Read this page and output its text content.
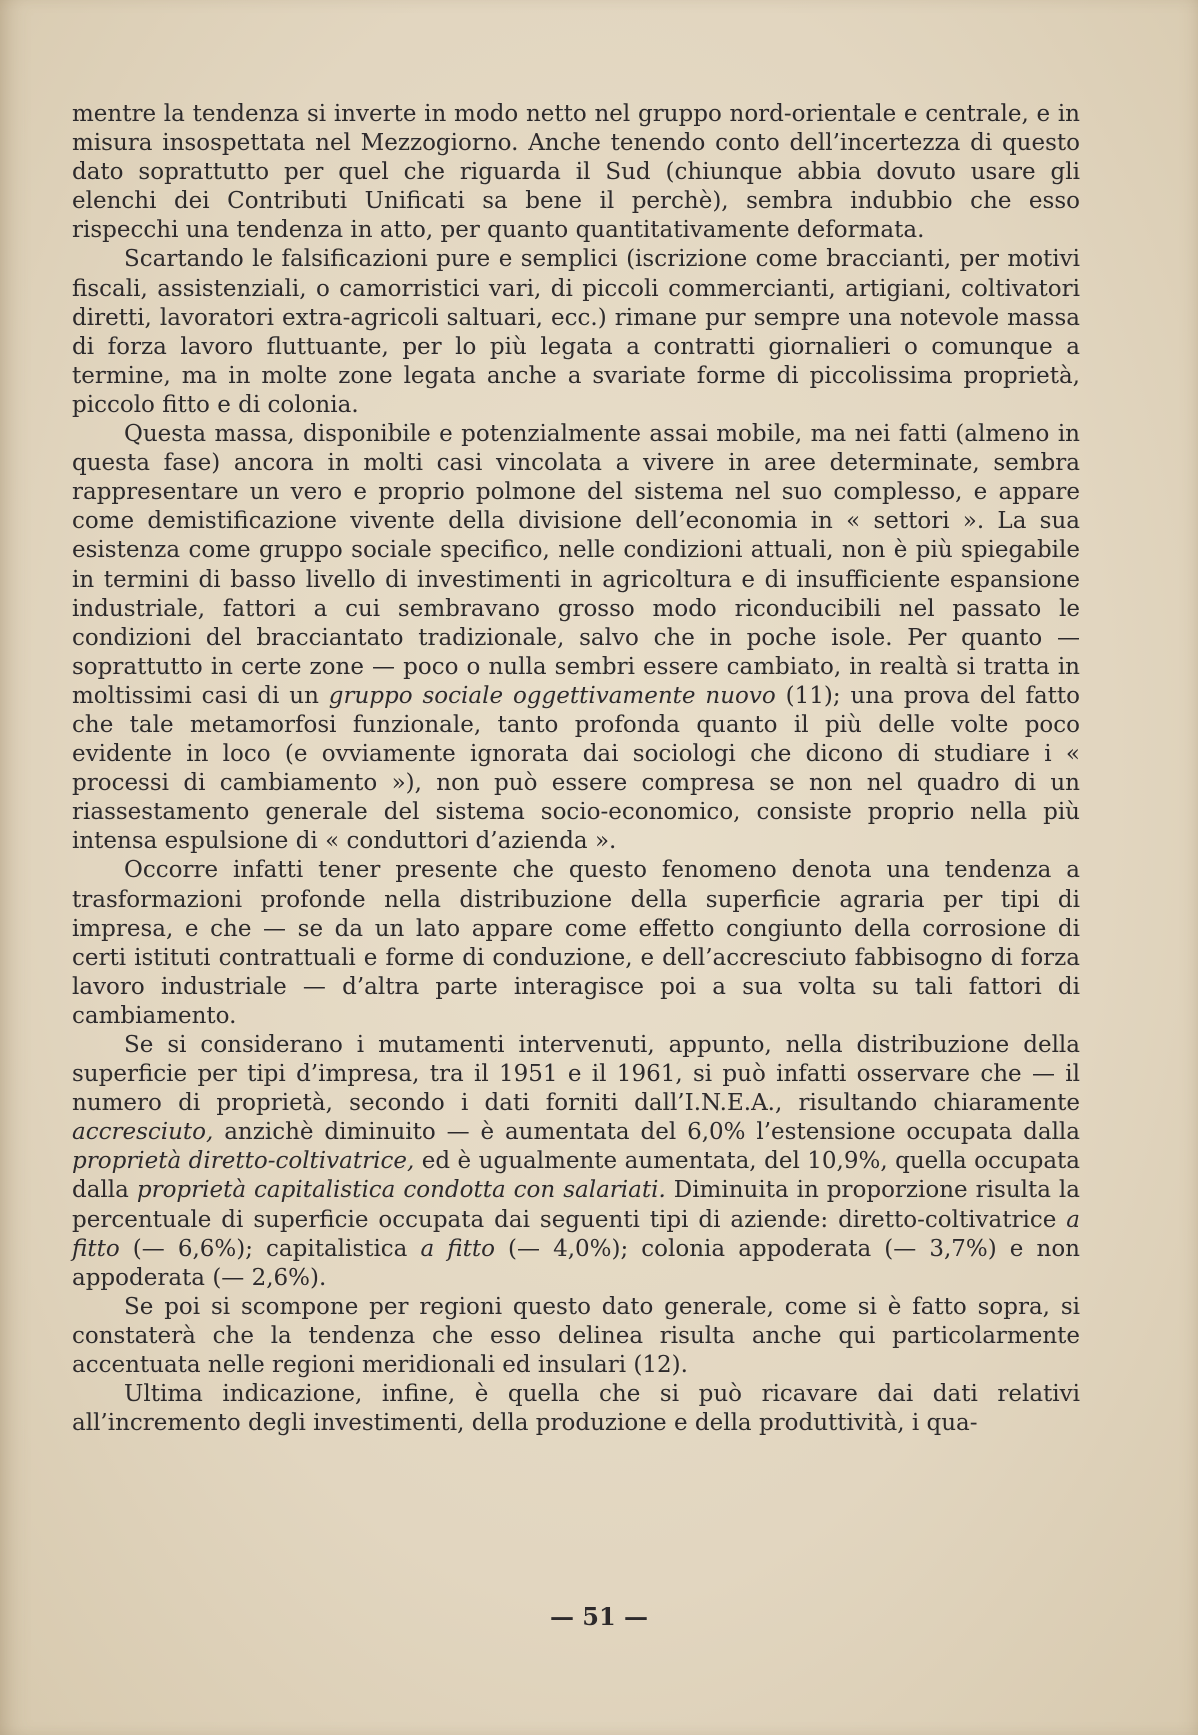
mentre la tendenza si inverte in modo netto nel gruppo nord-orientale e centrale, e in misura insospettata nel Mezzogiorno. Anche tenendo conto dell’incertezza di questo dato soprattutto per quel che riguarda il Sud (chiunque abbia dovuto usare gli elenchi dei Contributi Unificati sa bene il perchè), sembra indubbio che esso rispecchi una tendenza in atto, per quanto quantitativamente deformata.

Scartando le falsificazioni pure e semplici (iscrizione come braccianti, per motivi fiscali, assistenziali, o camorristici vari, di piccoli commercianti, artigiani, coltivatori diretti, lavoratori extra-agricoli saltuari, ecc.) rimane pur sempre una notevole massa di forza lavoro fluttuante, per lo più legata a contratti giornalieri o comunque a termine, ma in molte zone legata anche a svariate forme di piccolissima proprietà, piccolo fitto e di colonia.

Questa massa, disponibile e potenzialmente assai mobile, ma nei fatti (almeno in questa fase) ancora in molti casi vincolata a vivere in aree determinate, sembra rappresentare un vero e proprio polmone del sistema nel suo complesso, e appare come demistificazione vivente della divisione dell’economia in « settori ». La sua esistenza come gruppo sociale specifico, nelle condizioni attuali, non è più spiegabile in termini di basso livello di investimenti in agricoltura e di insufficiente espansione industriale, fattori a cui sembravano grosso modo riconducibili nel passato le condizioni del bracciantato tradizionale, salvo che in poche isole. Per quanto — soprattutto in certe zone — poco o nulla sembri essere cambiato, in realtà si tratta in moltissimi casi di un gruppo sociale oggettivamente nuovo (11); una prova del fatto che tale metamorfosi funzionale, tanto profonda quanto il più delle volte poco evidente in loco (e ovviamente ignorata dai sociologi che dicono di studiare i « processi di cambiamento »), non può essere compresa se non nel quadro di un riassestamento generale del sistema socio-economico, consiste proprio nella più intensa espulsione di « conduttori d’azienda ».

Occorre infatti tener presente che questo fenomeno denota una tendenza a trasformazioni profonde nella distribuzione della superficie agraria per tipi di impresa, e che — se da un lato appare come effetto congiunto della corrosione di certi istituti contrattuali e forme di conduzione, e dell’accresciuto fabbisogno di forza lavoro industriale — d’altra parte interagisce poi a sua volta su tali fattori di cambiamento.

Se si considerano i mutamenti intervenuti, appunto, nella distribuzione della superficie per tipi d’impresa, tra il 1951 e il 1961, si può infatti osservare che — il numero di proprietà, secondo i dati forniti dall’I.N.E.A., risultando chiaramente accresciuto, anzichè diminuito — è aumentata del 6,0% l’estensione occupata dalla proprietà diretto-coltivatrice, ed è ugualmente aumentata, del 10,9%, quella occupata dalla proprietà capitalistica condotta con salariati. Diminuita in proporzione risulta la percentuale di superficie occupata dai seguenti tipi di aziende: diretto-coltivatrice a fitto (— 6,6%); capitalistica a fitto (— 4,0%); colonia appoderata (— 3,7%) e non appoderata (— 2,6%).

Se poi si scompone per regioni questo dato generale, come si è fatto sopra, si constaterà che la tendenza che esso delinea risulta anche qui particolarmente accentuata nelle regioni meridionali ed insulari (12).

Ultima indicazione, infine, è quella che si può ricavare dai dati relativi all’incremento degli investimenti, della produzione e della produttività, i qua-

— 51 —
